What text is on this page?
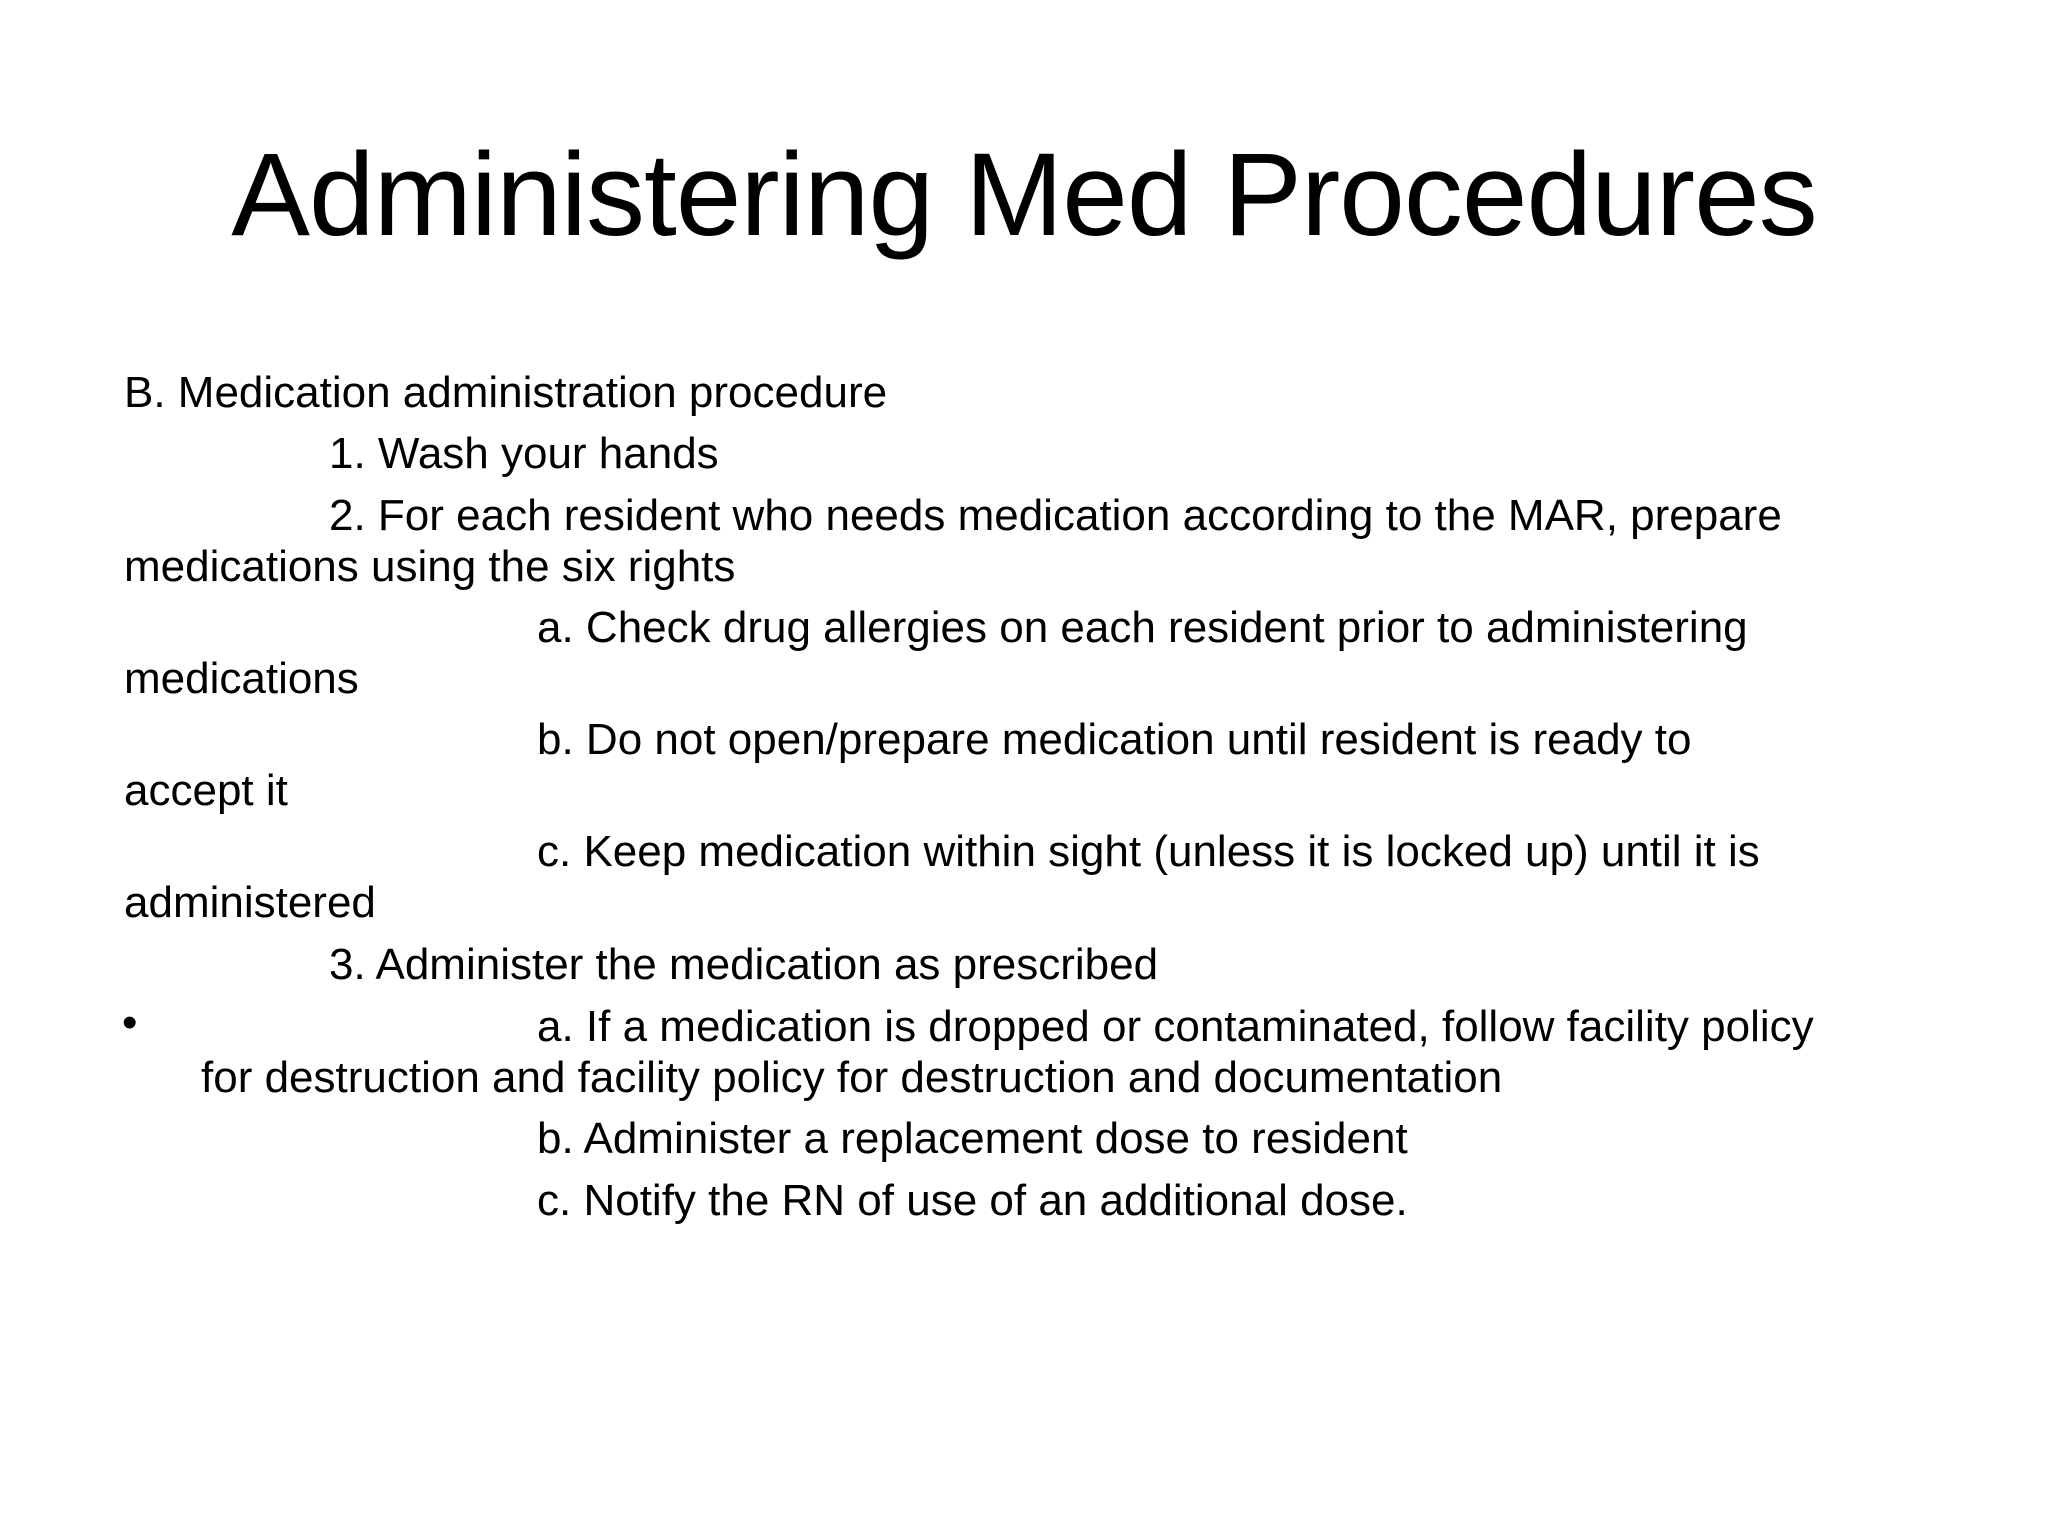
Administering Med Procedures
B. Medication administration procedure
1. Wash your hands
2. For each resident who needs medication according to the MAR, prepare
medications using the six rights
a. Check drug allergies on each resident prior to administering
medications
b. Do not open/prepare medication until resident is ready to
accept it
c. Keep medication within sight (unless it is locked up) until it is
administered
3. Administer the medication as prescribed
•	a. If a medication is dropped or contaminated, follow facility policy
for destruction and facility policy for destruction and documentation
b. Administer a replacement dose to resident
c. Notify the RN of use of an additional dose.
